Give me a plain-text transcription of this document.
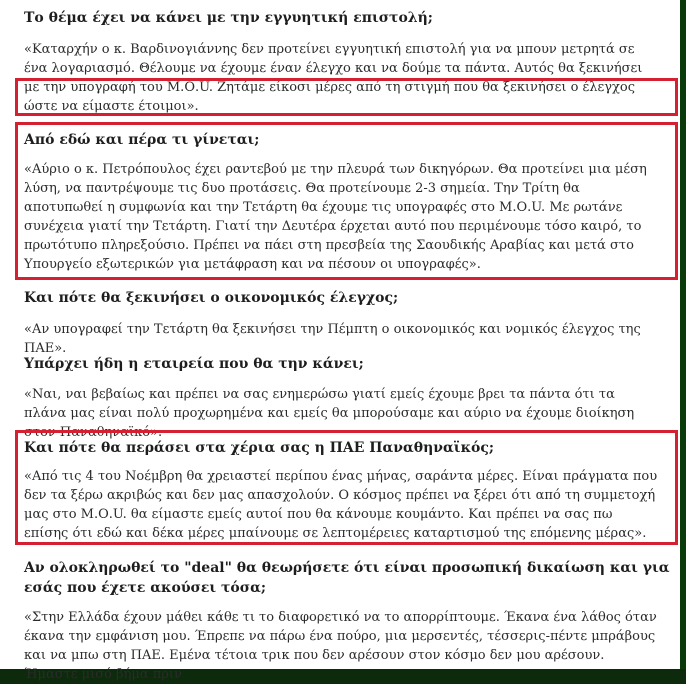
Το θέμα έχει να κάνει με την εγγυητική επιστολή;
«Καταρχήν ο κ. Βαρδινογιάννης δεν προτείνει εγγυητική επιστολή για να μπουν μετρητά σε ένα λογαριασμό. Θέλουμε να έχουμε έναν έλεγχο και να δούμε τα πάντα. Αυτός θα ξεκινήσει με την υπογραφή του Μ.Ο.U. Ζητάμε είκοσι μέρες από τη στιγμή που θα ξεκινήσει ο έλεγχος ώστε να είμαστε έτοιμοι».
Από εδώ και πέρα τι γίνεται;
«Αύριο ο κ. Πετρόπουλος έχει ραντεβού με την πλευρά των δικηγόρων. Θα προτείνει μια μέση λύση, να παντρέψουμε τις δυο προτάσεις. Θα προτείνουμε 2-3 σημεία. Την Τρίτη θα αποτυπωθεί η συμφωνία και την Τετάρτη θα έχουμε τις υπογραφές στο Μ.Ο.U. Με ρωτάνε συνέχεια γιατί την Τετάρτη. Γιατί την Δευτέρα έρχεται αυτό που περιμένουμε τόσο καιρό, το πρωτότυπο πληρεξούσιο. Πρέπει να πάει στη πρεσβεία της Σαουδικής Αραβίας και μετά στο Υπουργείο εξωτερικών για μετάφραση και να πέσουν οι υπογραφές».
Και πότε θα ξεκινήσει ο οικονομικός έλεγχος;
«Αν υπογραφεί την Τετάρτη θα ξεκινήσει την Πέμπτη ο οικονομικός και νομικός έλεγχος της ΠΑΕ».
Υπάρχει ήδη η εταιρεία που θα την κάνει;
«Ναι, ναι βεβαίως και πρέπει να σας ενημερώσω γιατί εμείς έχουμε βρει τα πάντα ότι τα πλάνα μας είναι πολύ προχωρημένα και εμείς θα μπορούσαμε και αύριο να έχουμε διοίκηση στον Παναθηναϊκό».
Και πότε θα περάσει στα χέρια σας η ΠΑΕ Παναθηναϊκός;
«Από τις 4 του Νοέμβρη θα χρειαστεί περίπου ένας μήνας, σαράντα μέρες. Είναι πράγματα που δεν τα ξέρω ακριβώς και δεν μας απασχολούν. Ο κόσμος πρέπει να ξέρει ότι από τη συμμετοχή μας στο Μ.Ο.U. θα είμαστε εμείς αυτοί που θα κάνουμε κουμάντο. Και πρέπει να σας πω επίσης ότι εδώ και δέκα μέρες μπαίνουμε σε λεπτομέρειες καταρτισμού της επόμενης μέρας».
Αν ολοκληρωθεί το "deal" θα θεωρήσετε ότι είναι προσωπική δικαίωση και για εσάς που έχετε ακούσει τόσα;
«Στην Ελλάδα έχουν μάθει κάθε τι το διαφορετικό να το απορρίπτουμε. Έκανα ένα λάθος όταν έκανα την εμφάνιση μου. Έπρεπε να πάρω ένα πούρο, μια μερσεντές, τέσσερις-πέντε μπράβους και να μπω στη ΠΑΕ. Εμένα τέτοια τρικ που δεν αρέσουν στον κόσμο δεν μου αρέσουν. Ήμαστε μισό βήμα πριν
